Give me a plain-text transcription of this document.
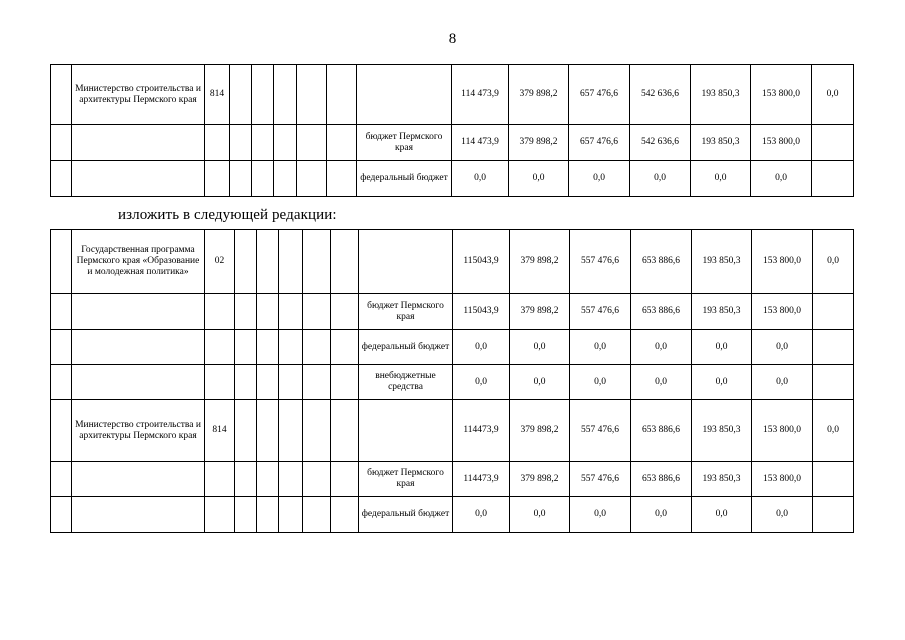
8
	Министерство строительства и архитектуры Пермского края	814							114 473,9	379 898,2	657 476,6	542 636,6	193 850,3	153 800,0	0,0
								бюджет Пермского края	114 473,9	379 898,2	657 476,6	542 636,6	193 850,3	153 800,0	
								федеральный бюджет	0,0	0,0	0,0	0,0	0,0	0,0	
изложить в следующей редакции:
	Государственная программа Пермского края «Образование и молодежная политика»	02							115043,9	379 898,2	557 476,6	653 886,6	193 850,3	153 800,0	0,0
								бюджет Пермского края	115043,9	379 898,2	557 476,6	653 886,6	193 850,3	153 800,0	
								федеральный бюджет	0,0	0,0	0,0	0,0	0,0	0,0	
								внебюджетные средства	0,0	0,0	0,0	0,0	0,0	0,0	
	Министерство строительства и архитектуры Пермского края	814							114473,9	379 898,2	557 476,6	653 886,6	193 850,3	153 800,0	0,0
								бюджет Пермского края	114473,9	379 898,2	557 476,6	653 886,6	193 850,3	153 800,0	
								федеральный бюджет	0,0	0,0	0,0	0,0	0,0	0,0	
